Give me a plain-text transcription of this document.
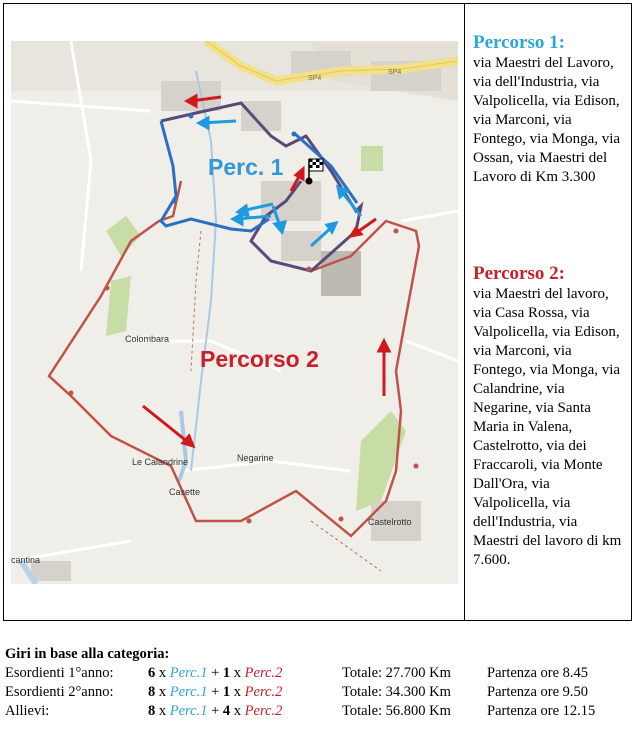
Perc. 1
Percorso 2
Colombara
Le Calandrine	Negarine
Casette
Castelrotto
cantina
SP4
SP4
Percorso 1:

via Maestri del Lavoro, via dell'Industria, via Valpolicella, via Edison, via Marconi, via Fontego, via Monga, via Ossan, via Maestri del Lavoro di Km 3.300

Percorso 2:

via Maestri del lavoro, via Casa Rossa, via Valpolicella, via Edison, via Marconi, via Fontego, via Monga, via Calandrine, via Negarine, via Santa Maria in Valena, Castelrotto, via dei Fraccaroli, via Monte Dall'Ora, via Valpolicella, via dell'Industria, via Maestri del lavoro di km 7.600.

Giri in base alla categoria:
Esordienti 1°anno: 6 x Perc.1 + 1 x Perc.2	Totale: 27.700 Km Partenza ore 8.45
Esordienti 2°anno: 8 x Perc.1 + 1 x Perc.2	Totale: 34.300 Km Partenza ore 9.50
Allievi:	8 x Perc.1 + 4 x Perc.2	Totale: 56.800 Km Partenza ore 12.15
